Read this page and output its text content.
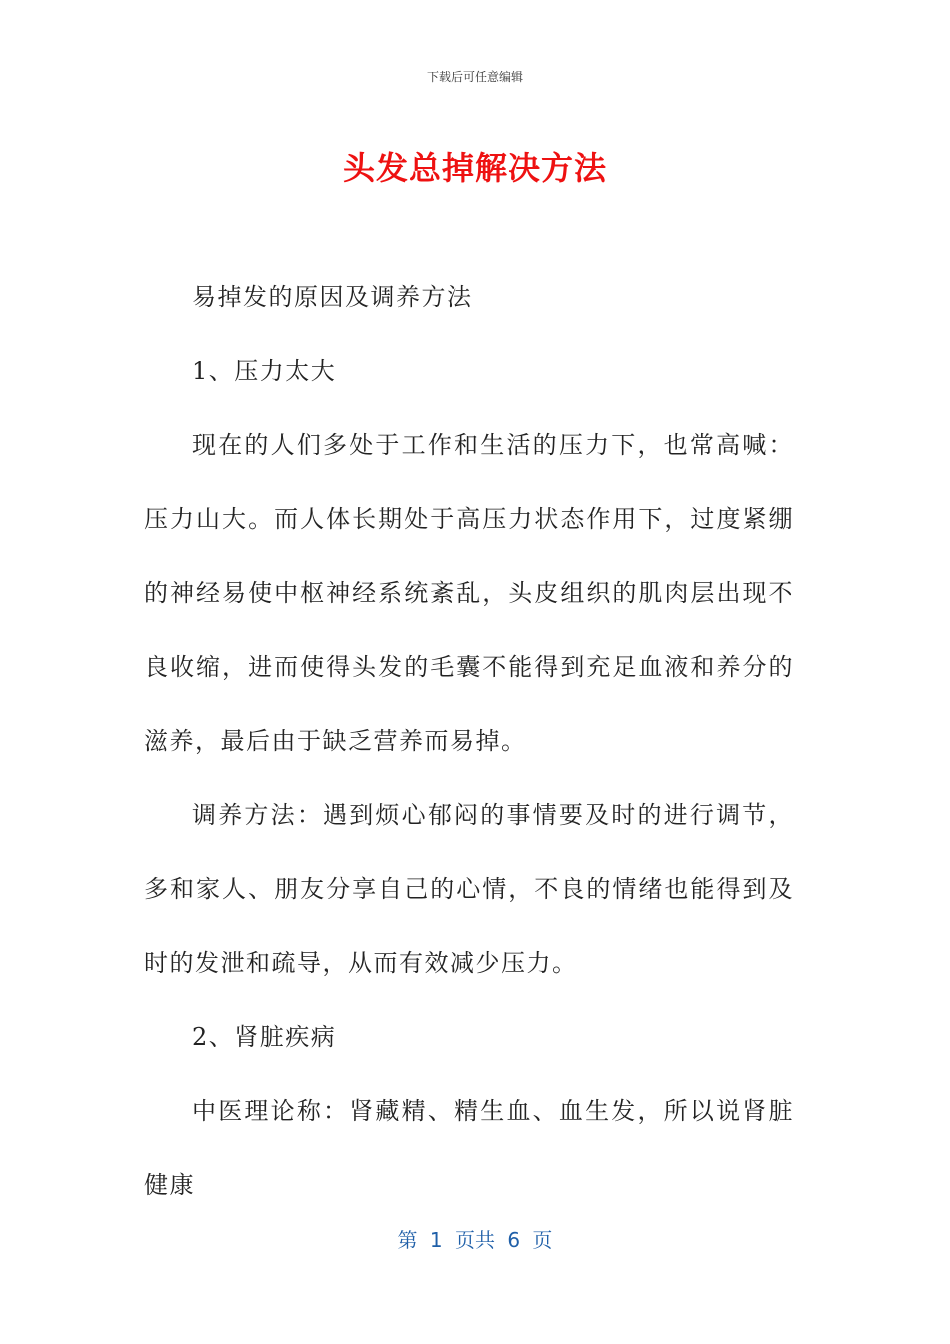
下载后可任意编辑
头发总掉解决方法

易掉发的原因及调养方法

1、压力太大

现在的人们多处于工作和生活的压力下，也常高喊：压力山大。而人体长期处于高压力状态作用下，过度紧绷的神经易使中枢神经系统紊乱，头皮组织的肌肉层出现不良收缩，进而使得头发的毛囊不能得到充足血液和养分的滋养，最后由于缺乏营养而易掉。

调养方法：遇到烦心郁闷的事情要及时的进行调节，多和家人、朋友分享自己的心情，不良的情绪也能得到及时的发泄和疏导，从而有效减少压力。

2、肾脏疾病

中医理论称：肾藏精、精生血、血生发，所以说肾脏健康

第 1 页共 6 页
